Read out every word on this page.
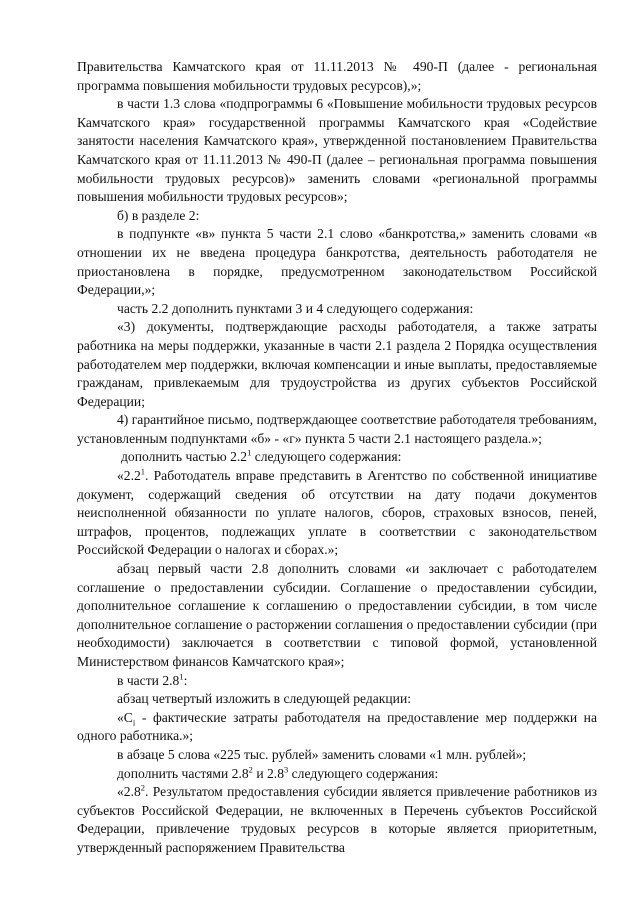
Правительства Камчатского края от 11.11.2013 № 490-П (далее - региональная программа повышения мобильности трудовых ресурсов),»;

в части 1.3 слова «подпрограммы 6 «Повышение мобильности трудовых ресурсов Камчатского края» государственной программы Камчатского края «Содействие занятости населения Камчатского края», утвержденной постановлением Правительства Камчатского края от 11.11.2013 № 490-П (далее – региональная программа повышения мобильности трудовых ресурсов)» заменить словами «региональной программы повышения мобильности трудовых ресурсов»;

б) в разделе 2:

в подпункте «в» пункта 5 части 2.1 слово «банкротства,» заменить словами «в отношении их не введена процедура банкротства, деятельность работодателя не приостановлена в порядке, предусмотренном законодательством Российской Федерации,»;

часть 2.2 дополнить пунктами 3 и 4 следующего содержания:

«3) документы, подтверждающие расходы работодателя, а также затраты работника на меры поддержки, указанные в части 2.1 раздела 2 Порядка осуществления работодателем мер поддержки, включая компенсации и иные выплаты, предоставляемые гражданам, привлекаемым для трудоустройства из других субъектов Российской Федерации;

4) гарантийное письмо, подтверждающее соответствие работодателя требованиям, установленным подпунктами «б» - «г» пункта 5 части 2.1 настоящего раздела.»;

дополнить частью $2.2^1$ следующего содержания:

«$2.2^1$. Работодатель вправе представить в Агентство по собственной инициативе документ, содержащий сведения об отсутствии на дату подачи документов неисполненной обязанности по уплате налогов, сборов, страховых взносов, пеней, штрафов, процентов, подлежащих уплате в соответствии с законодательством Российской Федерации о налогах и сборах.»;

абзац первый части 2.8 дополнить словами «и заключает с работодателем соглашение о предоставлении субсидии. Соглашение о предоставлении субсидии, дополнительное соглашение к соглашению о предоставлении субсидии, в том числе дополнительное соглашение о расторжении соглашения о предоставлении субсидии (при необходимости) заключается в соответствии с типовой формой, установленной Министерством финансов Камчатского края»;

в части $2.8^1$:

абзац четвертый изложить в следующей редакции:

«$С_i$ - фактические затраты работодателя на предоставление мер поддержки на одного работника.»;

в абзаце 5 слова «225 тыс. рублей» заменить словами «1 млн. рублей»;

дополнить частями $2.8^2$ и $2.8^3$ следующего содержания:

«$2.8^2$. Результатом предоставления субсидии является привлечение работников из субъектов Российской Федерации, не включенных в Перечень субъектов Российской Федерации, привлечение трудовых ресурсов в которые является приоритетным, утвержденный распоряжением Правительства
